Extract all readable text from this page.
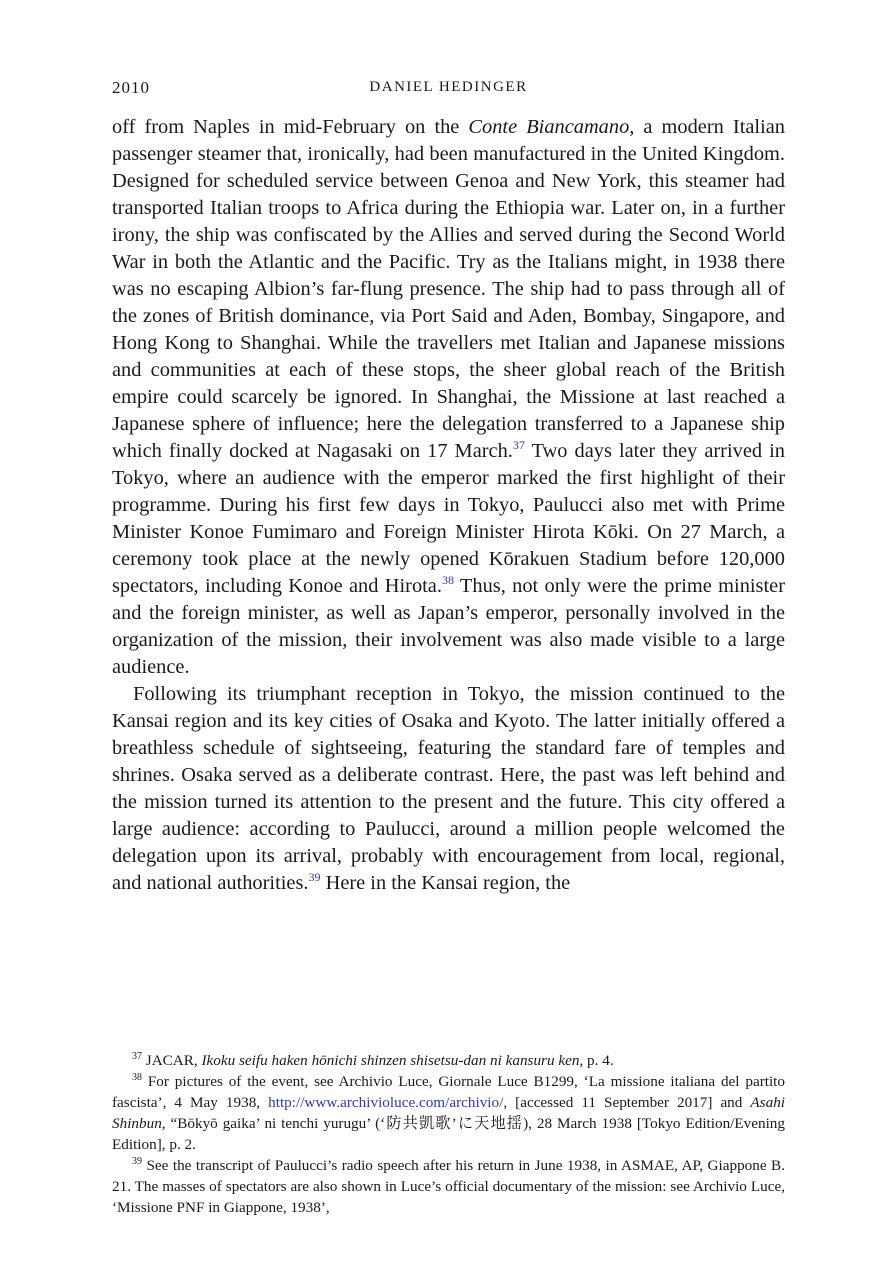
2010	DANIEL HEDINGER

off from Naples in mid-February on the Conte Biancamano, a modern Italian passenger steamer that, ironically, had been manufactured in the United Kingdom. Designed for scheduled service between Genoa and New York, this steamer had transported Italian troops to Africa during the Ethiopia war. Later on, in a further irony, the ship was confiscated by the Allies and served during the Second World War in both the Atlantic and the Pacific. Try as the Italians might, in 1938 there was no escaping Albion’s far-flung presence. The ship had to pass through all of the zones of British dominance, via Port Said and Aden, Bombay, Singapore, and Hong Kong to Shanghai. While the travellers met Italian and Japanese missions and communities at each of these stops, the sheer global reach of the British empire could scarcely be ignored. In Shanghai, the Missione at last reached a Japanese sphere of influence; here the delegation transferred to a Japanese ship which finally docked at Nagasaki on 17 March.$^{37}$ Two days later they arrived in Tokyo, where an audience with the emperor marked the first highlight of their programme. During his first few days in Tokyo, Paulucci also met with Prime Minister Konoe Fumimaro and Foreign Minister Hirota Kōki. On 27 March, a ceremony took place at the newly opened Kōrakuen Stadium before 120,000 spectators, including Konoe and Hirota.$^{38}$ Thus, not only were the prime minister and the foreign minister, as well as Japan’s emperor, personally involved in the organization of the mission, their involvement was also made visible to a large audience.

Following its triumphant reception in Tokyo, the mission continued to the Kansai region and its key cities of Osaka and Kyoto. The latter initially offered a breathless schedule of sightseeing, featuring the standard fare of temples and shrines. Osaka served as a deliberate contrast. Here, the past was left behind and the mission turned its attention to the present and the future. This city offered a large audience: according to Paulucci, around a million people welcomed the delegation upon its arrival, probably with encouragement from local, regional, and national authorities.$^{39}$ Here in the Kansai region, the

$^{37}$ JACAR, Ikoku seifu haken hōnichi shinzen shisetsu-dan ni kansuru ken, p. 4.

$^{38}$ For pictures of the event, see Archivio Luce, Giornale Luce B1299, ‘La missione italiana del partito fascista’, 4 May 1938, http://www.archivioluce.com/archivio/, [accessed 11 September 2017] and Asahi Shinbun, “Bōkyō gaika’ ni tenchi yurugu’ (‘防共凱歌’に天地揺), 28 March 1938 [Tokyo Edition/Evening Edition], p. 2.

$^{39}$ See the transcript of Paulucci’s radio speech after his return in June 1938, in ASMAE, AP, Giappone B. 21. The masses of spectators are also shown in Luce’s official documentary of the mission: see Archivio Luce, ‘Missione PNF in Giappone, 1938’,
